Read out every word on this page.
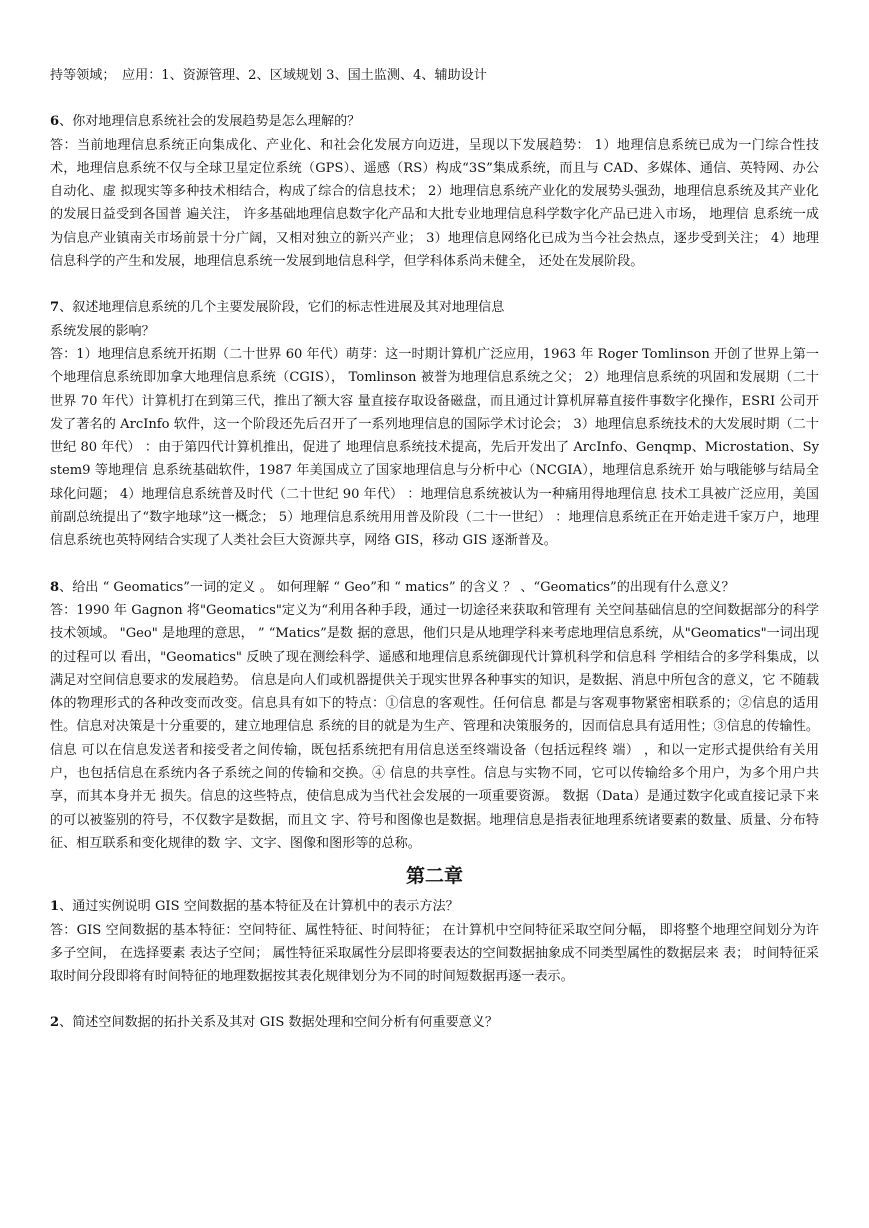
持等领域；　应用：1、资源管理、2、区域规划 3、国土监测、4、辅助设计

6、你对地理信息系统社会的发展趋势是怎么理解的？

答：当前地理信息系统正向集成化、产业化、和社会化发展方向迈进，呈现以下发展趋势： 1）地理信息系统已成为一门综合性技术，地理信息系统不仅与全球卫星定位系统（GPS）、遥感（RS）构成“3S”集成系统，而且与 CAD、多媒体、通信、英特网、办公自动化、虚 拟现实等多种技术相结合，构成了综合的信息技术； 2）地理信息系统产业化的发展势头强劲，地理信息系统及其产业化的发展日益受到各国普 遍关注， 许多基础地理信息数字化产品和大批专业地理信息科学数字化产品已进入市场， 地理信 息系统一成为信息产业镇南关市场前景十分广阔，又相对独立的新兴产业； 3）地理信息网络化已成为当今社会热点，逐步受到关注； 4）地理信息科学的产生和发展，地理信息系统一发展到地信息科学，但学科体系尚未健全， 还处在发展阶段。

7、叙述地理信息系统的几个主要发展阶段，它们的标志性进展及其对地理信息

系统发展的影响？

答：1）地理信息系统开拓期（二十世界 60 年代）萌芽：这一时期计算机广泛应用，1963 年 Roger Tomlinson 开创了世界上第一个地理信息系统即加拿大地理信息系统（CGIS）， Tomlinson 被誉为地理信息系统之父； 2）地理信息系统的巩固和发展期（二十世界 70 年代）计算机打在到第三代，推出了额大容 量直接存取设备磁盘，而且通过计算机屏幕直接件事数字化操作，ESRI 公司开发了著名的 ArcInfo 软件，这一个阶段还先后召开了一系列地理信息的国际学术讨论会； 3）地理信息系统技术的大发展时期（二十世纪 80 年代） ：由于第四代计算机推出，促进了 地理信息系统技术提高，先后开发出了 ArcInfo、Genqmp、Microstation、System9 等地理信 息系统基础软件，1987 年美国成立了国家地理信息与分析中心（NCGIA），地理信息系统开 始与哦能够与结局全球化问题； 4）地理信息系统普及时代（二十世纪 90 年代） ：地理信息系统被认为一种痛用得地理信息 技术工具被广泛应用，美国前副总统提出了“数字地球”这一概念； 5）地理信息系统用用普及阶段（二十一世纪） ：地理信息系统正在开始走进千家万户，地理 信息系统也英特网结合实现了人类社会巨大资源共享，网络 GIS，移动 GIS 逐渐普及。

8、给出 “ Geomatics”一词的定义 。 如何理解 “ Geo”和 “ matics” 的含义 ？ 、“Geomatics”的出现有什么意义？

答：1990 年 Gagnon 将"Geomatics"定义为“利用各种手段，通过一切途径来获取和管理有 关空间基础信息的空间数据部分的科学技术领域。 "Geo" 是地理的意思， ” “Matics”是数 据的意思，他们只是从地理学科来考虑地理信息系统，从"Geomatics"一词出现的过程可以 看出，"Geomatics" 反映了现在测绘科学、遥感和地理信息系统御现代计算机科学和信息科 学相结合的多学科集成，以满足对空间信息要求的发展趋势。 信息是向人们或机器提供关于现实世界各种事实的知识，是数据、消息中所包含的意义，它 不随载体的物理形式的各种改变而改变。信息具有如下的特点：①信息的客观性。任何信息 都是与客观事物紧密相联系的；②信息的适用性。信息对决策是十分重要的，建立地理信息 系统的目的就是为生产、管理和决策服务的，因而信息具有适用性；③信息的传输性。信息 可以在信息发送者和接受者之间传输，既包括系统把有用信息送至终端设备（包括远程终 端） ，和以一定形式提供给有关用户，也包括信息在系统内各子系统之间的传输和交换。④ 信息的共享性。信息与实物不同，它可以传输给多个用户，为多个用户共享，而其本身并无 损失。信息的这些特点，使信息成为当代社会发展的一项重要资源。 数据（Data）是通过数字化或直接记录下来的可以被鉴别的符号，不仅数字是数据，而且文 字、符号和图像也是数据。地理信息是指表征地理系统诸要素的数量、质量、分布特征、相互联系和变化规律的数 字、文字、图像和图形等的总称。

第二章

1、通过实例说明 GIS 空间数据的基本特征及在计算机中的表示方法？

答：GIS 空间数据的基本特征：空间特征、属性特征、时间特征； 在计算机中空间特征采取空间分幅， 即将整个地理空间划分为许多子空间， 在选择要素 表达子空间； 属性特征采取属性分层即将要表达的空间数据抽象成不同类型属性的数据层来 表； 时间特征采取时间分段即将有时间特征的地理数据按其表化规律划分为不同的时间短数据再逐一表示。

2、简述空间数据的拓扑关系及其对 GIS 数据处理和空间分析有何重要意义？
